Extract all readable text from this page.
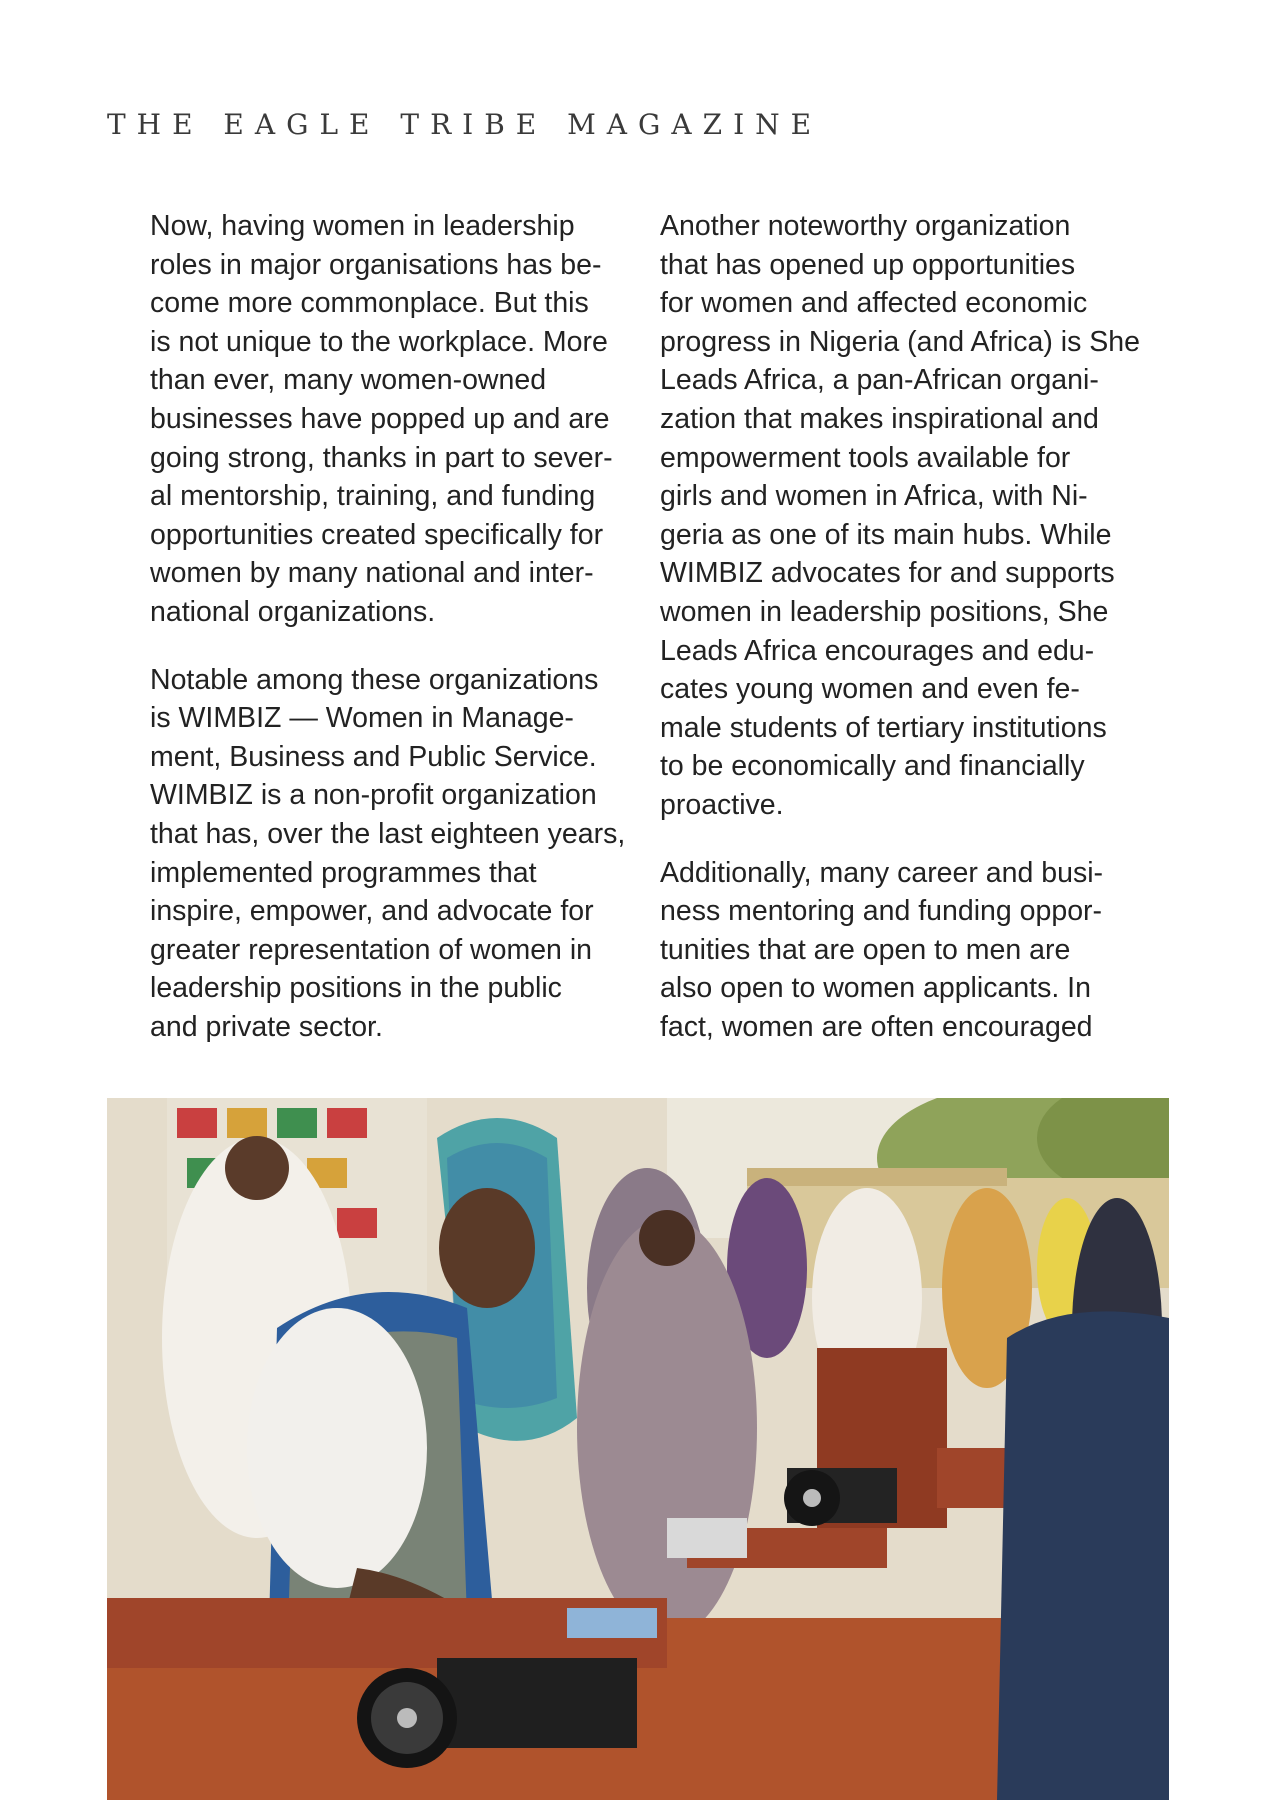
THE EAGLE TRIBE MAGAZINE

Now, having women in leadership
roles in major organisations has be-
come more commonplace. But this
is not unique to the workplace. More
than ever, many women-owned
businesses have popped up and are
going strong, thanks in part to sever-
al mentorship, training, and funding
opportunities created specifically for
women by many national and inter-
national organizations.

Notable among these organizations
is WIMBIZ — Women in Manage-
ment, Business and Public Service.
WIMBIZ is a non-profit organization
that has, over the last eighteen years,
implemented programmes that
inspire, empower, and advocate for
greater representation of women in
leadership positions in the public
and private sector.

Another noteworthy organization
that has opened up opportunities
for women and affected economic
progress in Nigeria (and Africa) is She
Leads Africa, a pan-African organi-
zation that makes inspirational and
empowerment tools available for
girls and women in Africa, with Ni-
geria as one of its main hubs. While
WIMBIZ advocates for and supports
women in leadership positions, She
Leads Africa encourages and edu-
cates young women and even fe-
male students of tertiary institutions
to be economically and financially
proactive.

Additionally, many career and busi-
ness mentoring and funding oppor-
tunities that are open to men are
also open to women applicants. In
fact, women are often encouraged
